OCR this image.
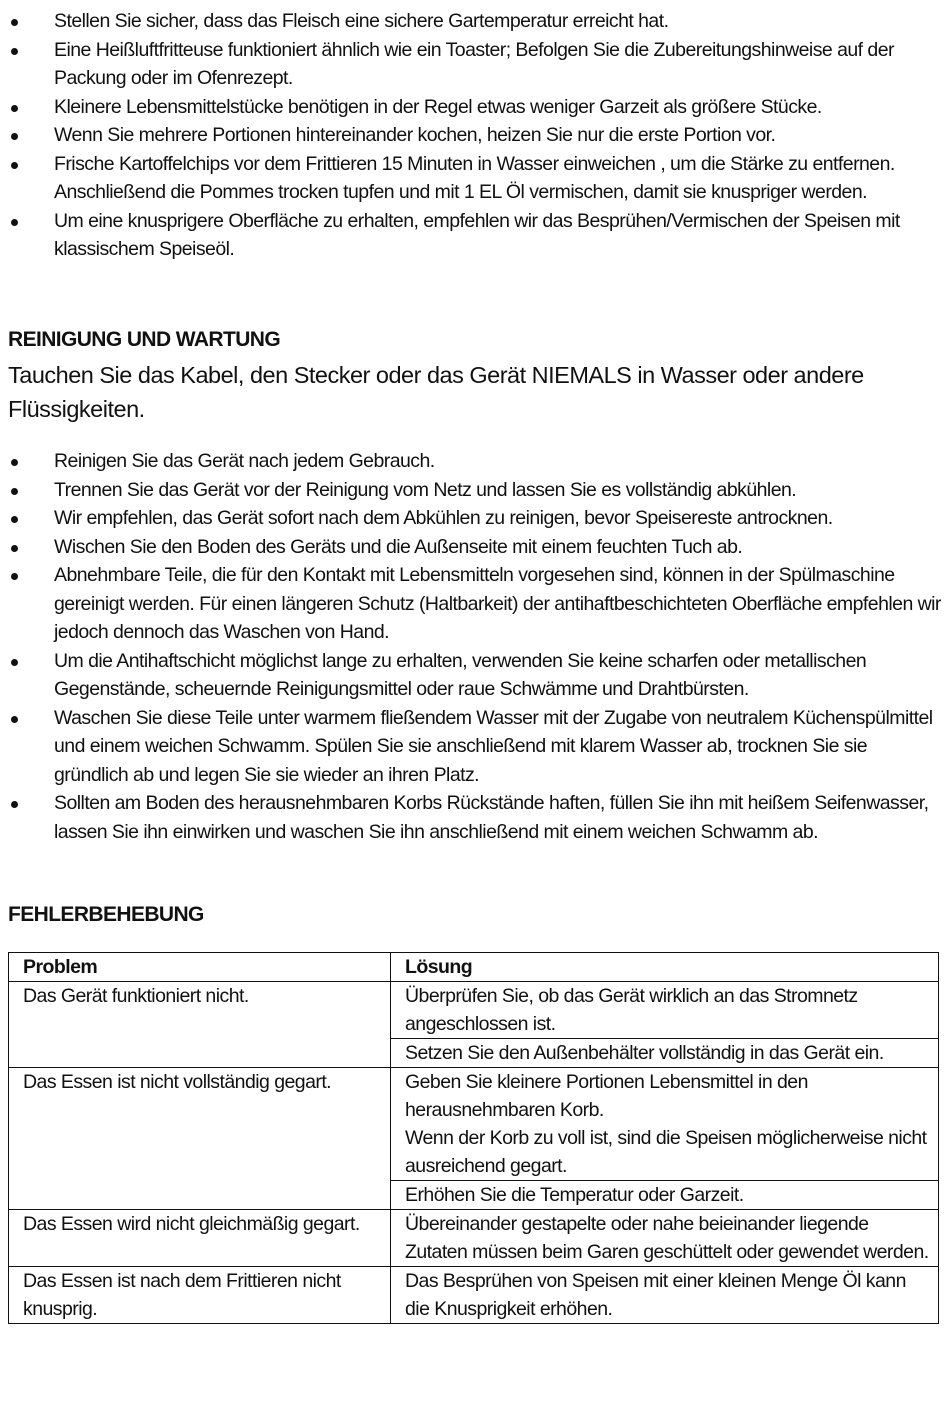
Stellen Sie sicher, dass das Fleisch eine sichere Gartemperatur erreicht hat.
Eine Heißluftfritteuse funktioniert ähnlich wie ein Toaster; Befolgen Sie die Zubereitungshinweise auf der Packung oder im Ofenrezept.
Kleinere Lebensmittelstücke benötigen in der Regel etwas weniger Garzeit als größere Stücke.
Wenn Sie mehrere Portionen hintereinander kochen, heizen Sie nur die erste Portion vor.
Frische Kartoffelchips vor dem Frittieren 15 Minuten in Wasser einweichen , um die Stärke zu entfernen. Anschließend die Pommes trocken tupfen und mit 1 EL Öl vermischen, damit sie knuspriger werden.
Um eine knusprigere Oberfläche zu erhalten, empfehlen wir das Besprühen/Vermischen der Speisen mit klassischem Speiseöl.
REINIGUNG UND WARTUNG

Tauchen Sie das Kabel, den Stecker oder das Gerät NIEMALS in Wasser oder andere Flüssigkeiten.

Reinigen Sie das Gerät nach jedem Gebrauch.
Trennen Sie das Gerät vor der Reinigung vom Netz und lassen Sie es vollständig abkühlen.
Wir empfehlen, das Gerät sofort nach dem Abkühlen zu reinigen, bevor Speisereste antrocknen.
Wischen Sie den Boden des Geräts und die Außenseite mit einem feuchten Tuch ab.
Abnehmbare Teile, die für den Kontakt mit Lebensmitteln vorgesehen sind, können in der Spülmaschine gereinigt werden. Für einen längeren Schutz (Haltbarkeit) der antihaftbeschichteten Oberfläche empfehlen wir jedoch dennoch das Waschen von Hand.
Um die Antihaftschicht möglichst lange zu erhalten, verwenden Sie keine scharfen oder metallischen Gegenstände, scheuernde Reinigungsmittel oder raue Schwämme und Drahtbürsten.
Waschen Sie diese Teile unter warmem fließendem Wasser mit der Zugabe von neutralem Küchenspülmittel und einem weichen Schwamm. Spülen Sie sie anschließend mit klarem Wasser ab, trocknen Sie sie gründlich ab und legen Sie sie wieder an ihren Platz.
Sollten am Boden des herausnehmbaren Korbs Rückstände haften, füllen Sie ihn mit heißem Seifenwasser, lassen Sie ihn einwirken und waschen Sie ihn anschließend mit einem weichen Schwamm ab.
FEHLERBEHEBUNG
Problem	Lösung
Das Gerät funktioniert nicht.	Überprüfen Sie, ob das Gerät wirklich an das Stromnetz angeschlossen ist.
	Setzen Sie den Außenbehälter vollständig in das Gerät ein.
Das Essen ist nicht vollständig gegart.	Geben Sie kleinere Portionen Lebensmittel in den herausnehmbaren Korb.
Wenn der Korb zu voll ist, sind die Speisen möglicherweise nicht ausreichend gegart.
	Erhöhen Sie die Temperatur oder Garzeit.
Das Essen wird nicht gleichmäßig gegart.	Übereinander gestapelte oder nahe beieinander liegende Zutaten müssen beim Garen geschüttelt oder gewendet werden.
Das Essen ist nach dem Frittieren nicht knusprig.	Das Besprühen von Speisen mit einer kleinen Menge Öl kann die Knusprigkeit erhöhen.
